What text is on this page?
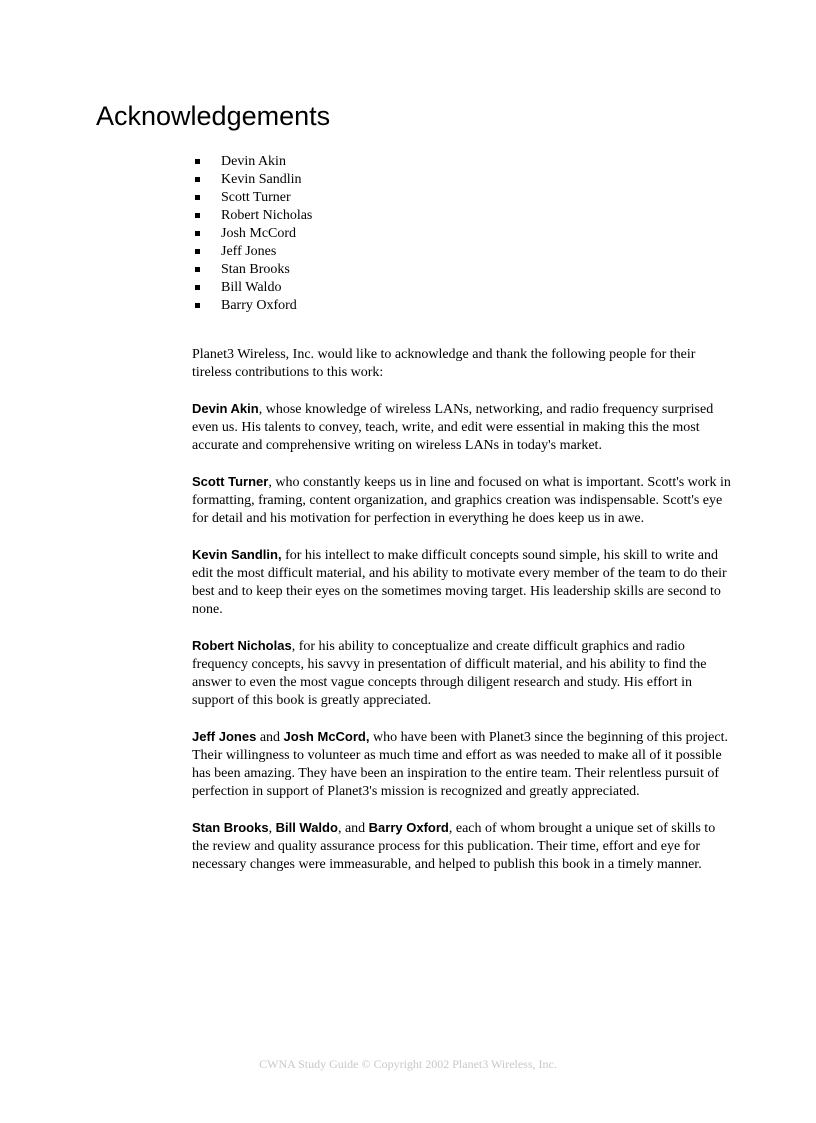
Acknowledgements
Devin Akin
Kevin Sandlin
Scott Turner
Robert Nicholas
Josh McCord
Jeff Jones
Stan Brooks
Bill Waldo
Barry Oxford

Planet3 Wireless, Inc. would like to acknowledge and thank the following people for their tireless contributions to this work:

Devin Akin, whose knowledge of wireless LANs, networking, and radio frequency surprised even us. His talents to convey, teach, write, and edit were essential in making this the most accurate and comprehensive writing on wireless LANs in today's market.

Scott Turner, who constantly keeps us in line and focused on what is important. Scott's work in formatting, framing, content organization, and graphics creation was indispensable. Scott's eye for detail and his motivation for perfection in everything he does keep us in awe.

Kevin Sandlin, for his intellect to make difficult concepts sound simple, his skill to write and edit the most difficult material, and his ability to motivate every member of the team to do their best and to keep their eyes on the sometimes moving target. His leadership skills are second to none.

Robert Nicholas, for his ability to conceptualize and create difficult graphics and radio frequency concepts, his savvy in presentation of difficult material, and his ability to find the answer to even the most vague concepts through diligent research and study. His effort in support of this book is greatly appreciated.

Jeff Jones and Josh McCord, who have been with Planet3 since the beginning of this project. Their willingness to volunteer as much time and effort as was needed to make all of it possible has been amazing. They have been an inspiration to the entire team. Their relentless pursuit of perfection in support of Planet3's mission is recognized and greatly appreciated.

Stan Brooks, Bill Waldo, and Barry Oxford, each of whom brought a unique set of skills to the review and quality assurance process for this publication. Their time, effort and eye for necessary changes were immeasurable, and helped to publish this book in a timely manner.

CWNA Study Guide © Copyright 2002 Planet3 Wireless, Inc.
